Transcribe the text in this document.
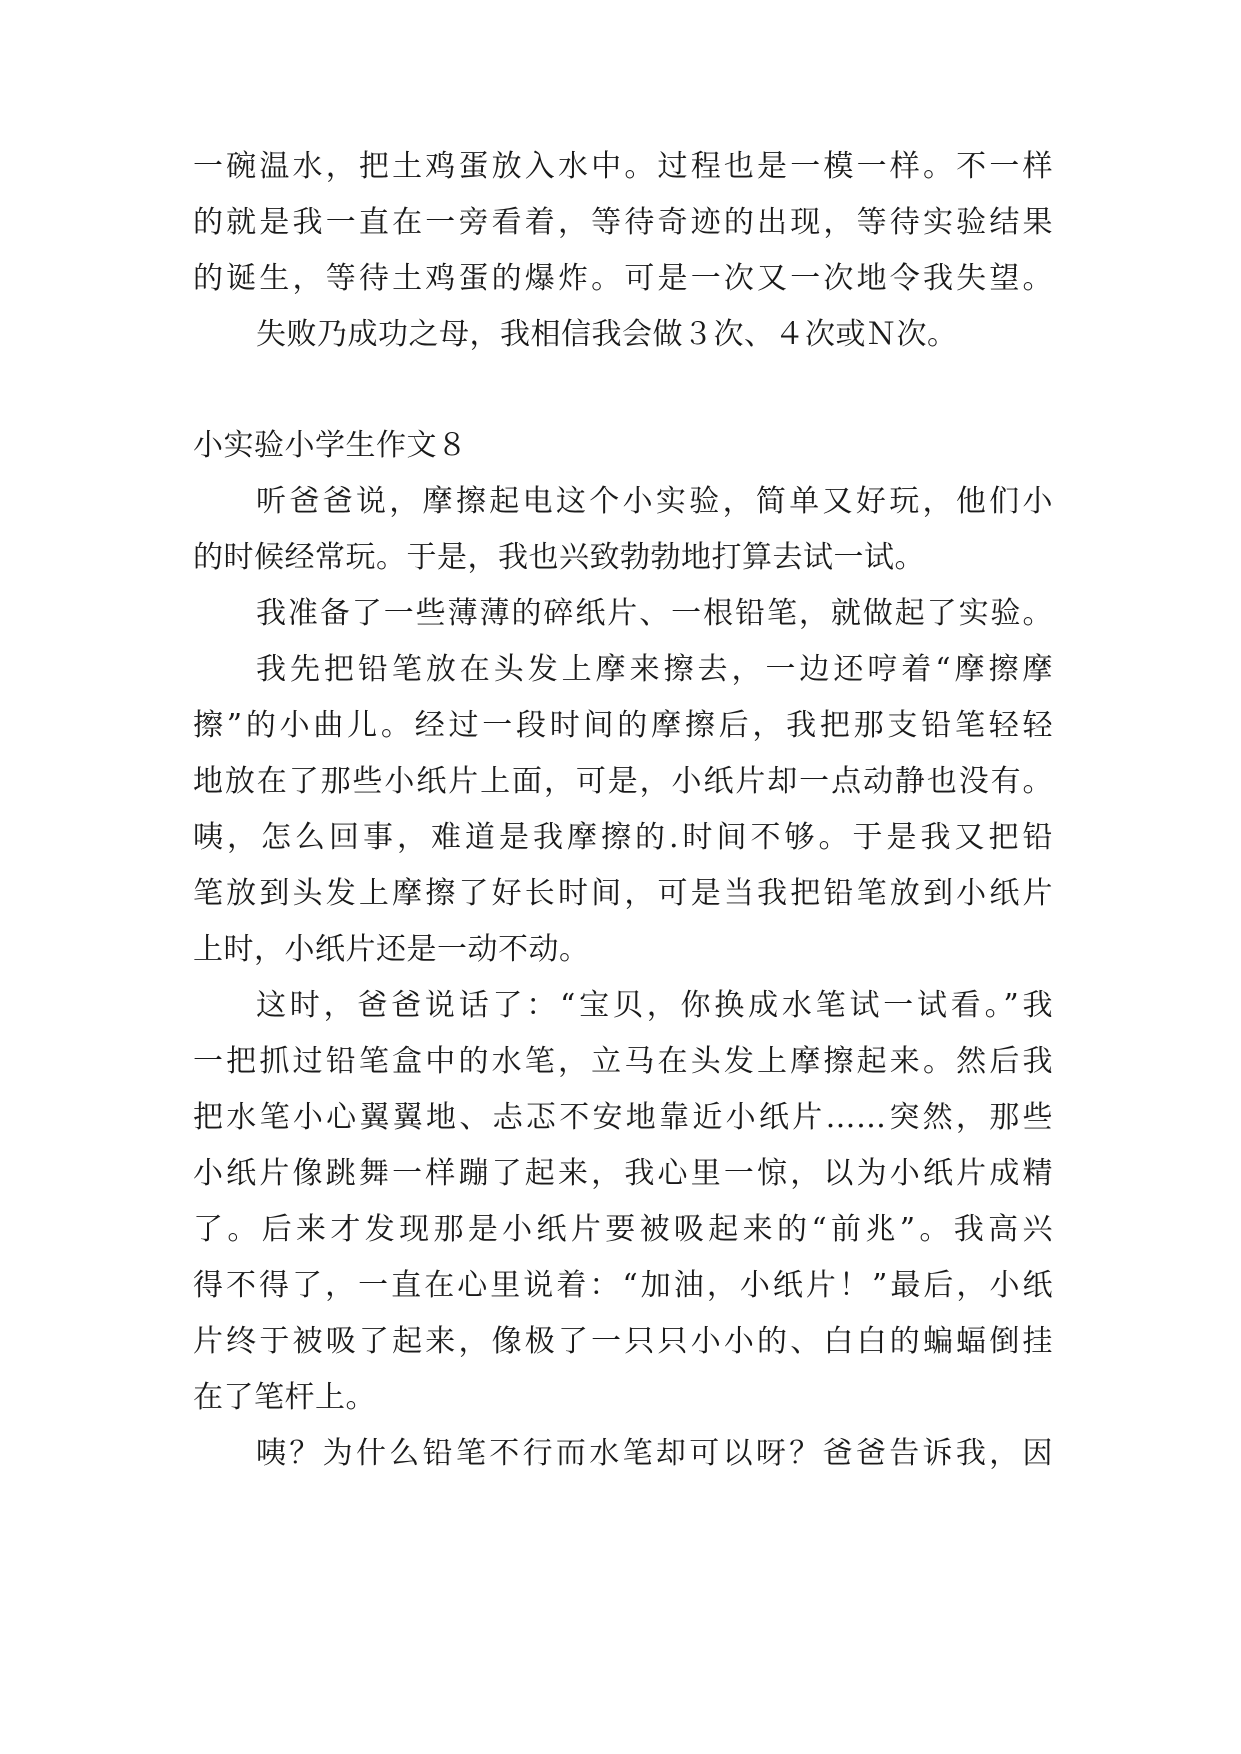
一碗温水，把土鸡蛋放入水中。过程也是一模一样。不一样
的就是我一直在一旁看着，等待奇迹的出现，等待实验结果
的诞生，等待土鸡蛋的爆炸。可是一次又一次地令我失望。
失败乃成功之母，我相信我会做３次、４次或Ｎ次。
小实验小学生作文８
听爸爸说，摩擦起电这个小实验，简单又好玩，他们小
的时候经常玩。于是，我也兴致勃勃地打算去试一试。
我准备了一些薄薄的碎纸片、一根铅笔，就做起了实验。
我先把铅笔放在头发上摩来擦去，一边还哼着“摩擦摩
擦”的小曲儿。经过一段时间的摩擦后，我把那支铅笔轻轻
地放在了那些小纸片上面，可是，小纸片却一点动静也没有。
咦，怎么回事，难道是我摩擦的.时间不够。于是我又把铅
笔放到头发上摩擦了好长时间，可是当我把铅笔放到小纸片
上时，小纸片还是一动不动。
这时，爸爸说话了：“宝贝，你换成水笔试一试看。”我
一把抓过铅笔盒中的水笔，立马在头发上摩擦起来。然后我
把水笔小心翼翼地、忐忑不安地靠近小纸片……突然，那些
小纸片像跳舞一样蹦了起来，我心里一惊，以为小纸片成精
了。后来才发现那是小纸片要被吸起来的“前兆”。我高兴
得不得了，一直在心里说着：“加油，小纸片！”最后，小纸
片终于被吸了起来，像极了一只只小小的、白白的蝙蝠倒挂
在了笔杆上。
咦？为什么铅笔不行而水笔却可以呀？爸爸告诉我，因
